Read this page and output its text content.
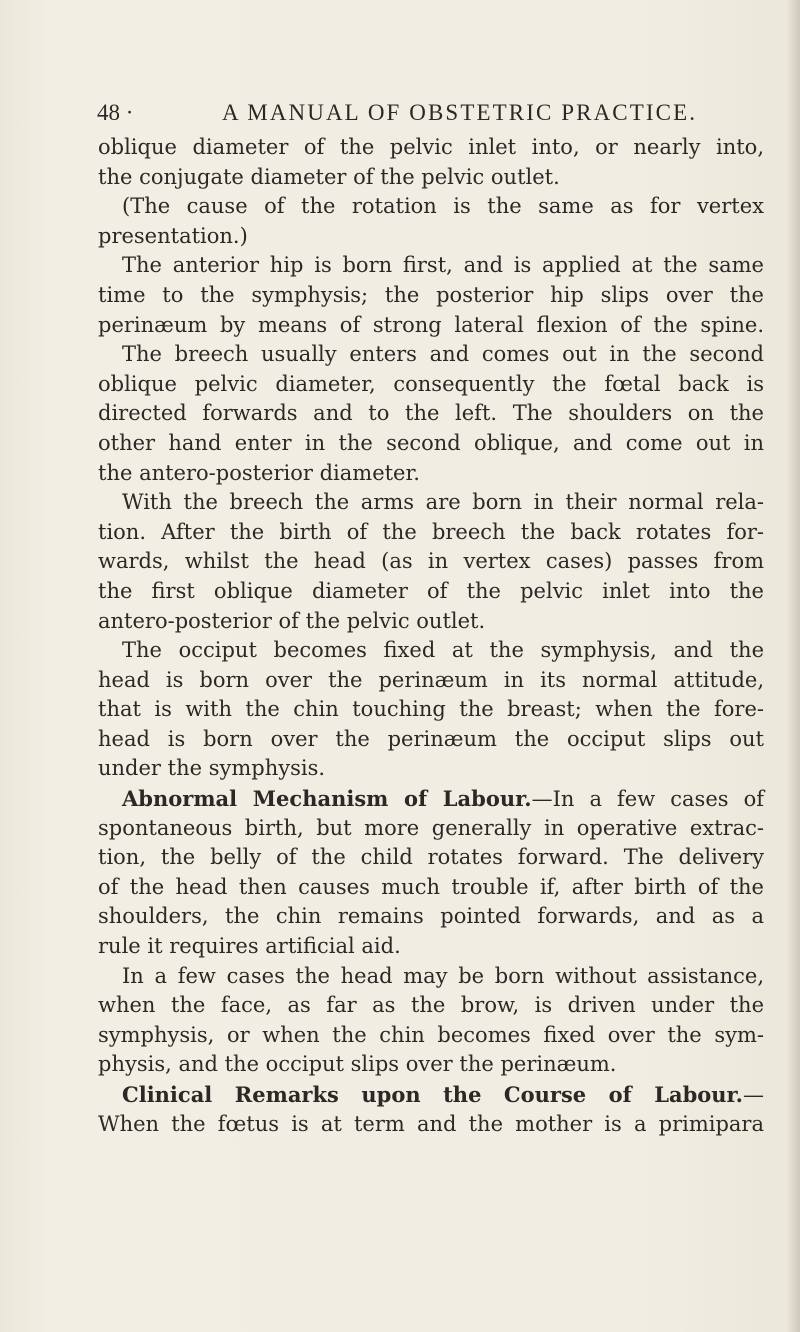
48 ·	A MANUAL OF OBSTETRIC PRACTICE.
oblique diameter of the pelvic inlet into, or nearly into,
the conjugate diameter of the pelvic outlet.
(The cause of the rotation is the same as for vertex
presentation.)
The anterior hip is born first, and is applied at the same
time to the symphysis; the posterior hip slips over the
perinæum by means of strong lateral flexion of the spine.
The breech usually enters and comes out in the second
oblique pelvic diameter, consequently the fœtal back is
directed forwards and to the left. The shoulders on the
other hand enter in the second oblique, and come out in
the antero-posterior diameter.
With the breech the arms are born in their normal rela-
tion. After the birth of the breech the back rotates for-
wards, whilst the head (as in vertex cases) passes from
the first oblique diameter of the pelvic inlet into the
antero-posterior of the pelvic outlet.
The occiput becomes fixed at the symphysis, and the
head is born over the perinæum in its normal attitude,
that is with the chin touching the breast; when the fore-
head is born over the perinæum the occiput slips out
under the symphysis.
Abnormal Mechanism of Labour.—In a few cases of
spontaneous birth, but more generally in operative extrac-
tion, the belly of the child rotates forward. The delivery
of the head then causes much trouble if, after birth of the
shoulders, the chin remains pointed forwards, and as a
rule it requires artificial aid.
In a few cases the head may be born without assistance,
when the face, as far as the brow, is driven under the
symphysis, or when the chin becomes fixed over the sym-
physis, and the occiput slips over the perinæum.
Clinical Remarks upon the Course of Labour.—
When the fœtus is at term and the mother is a primipara
